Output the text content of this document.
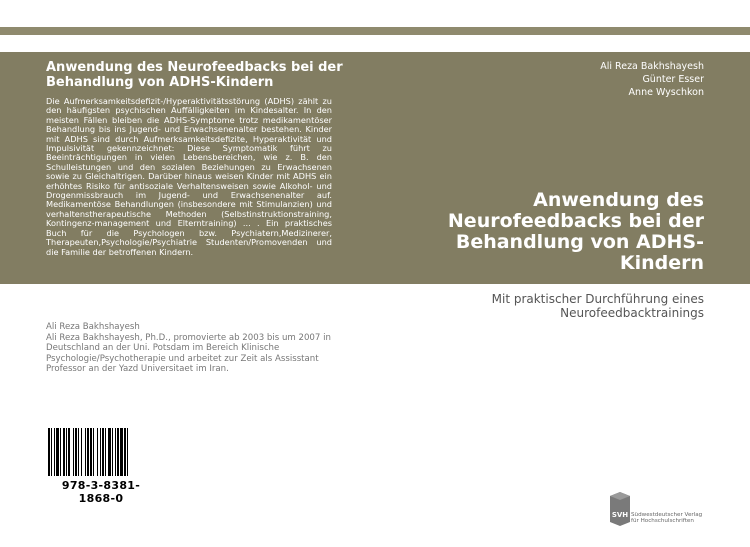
Anwendung des Neurofeedbacks bei der Behandlung von ADHS-Kindern
Die Aufmerksamkeitsdefizit-/Hyperaktivitätsstörung (ADHS) zählt zu den häufigsten psychischen Auffälligkeiten im Kindesalter. In den meisten Fällen bleiben die ADHS-Symptome trotz medikamentöser Behandlung bis ins Jugend- und Erwachsenenalter bestehen. Kinder mit ADHS sind durch Aufmerksamkeitsdefizite, Hyperaktivität und Impulsivität gekennzeichnet: Diese Symptomatik führt zu Beeinträchtigungen in vielen Lebensbereichen, wie z. B. den Schulleistungen und den sozialen Beziehungen zu Erwachsenen sowie zu Gleichaltrigen. Darüber hinaus weisen Kinder mit ADHS ein erhöhtes Risiko für antisoziale Verhaltensweisen sowie Alkohol- und Drogenmissbrauch im Jugend- und Erwachsenenalter auf. Medikamentöse Behandlungen (insbesondere mit Stimulanzien) und verhaltenstherapeutische Methoden (Selbstinstruktionstraining, Kontingenz-management und Elterntraining) ... . Ein praktisches Buch für die Psychologen bzw. Psychiatern,Medizinerer, Therapeuten,Psychologie/Psychiatrie Studenten/Promovenden und die Familie der betroffenen Kindern.
Ali Reza Bakhshayesh
Günter Esser
Anne Wyschkon
Anwendung des Neurofeedbacks bei der Behandlung von ADHS-Kindern
Mit praktischer Durchführung eines Neurofeedbacktrainings
Ali Reza Bakhshayesh
Ali Reza Bakhshayesh, Ph.D., promovierte ab 2003 bis um 2007 in Deutschland an der Uni. Potsdam im Bereich Klinische Psychologie/Psychotherapie und arbeitet zur Zeit als Assisstant Professor an der Yazd Universitaet im Iran.
978-3-8381-1868-0
SVH Südwestdeutscher Verlag
für Hochschulschriften
